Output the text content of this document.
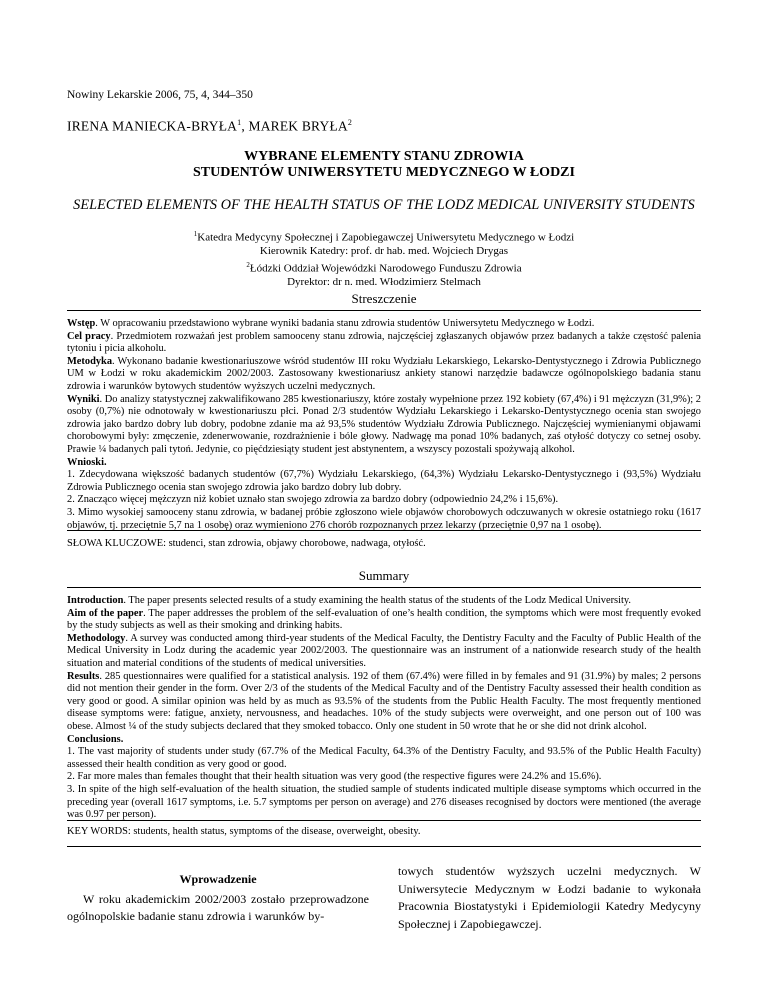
Nowiny Lekarskie 2006, 75, 4, 344–350
IRENA MANIECKA-BRYŁA$^1$, MAREK BRYŁA$^2$
WYBRANE ELEMENTY STANU ZDROWIA
STUDENTÓW UNIWERSYTETU MEDYCZNEGO W ŁODZI
SELECTED ELEMENTS OF THE HEALTH STATUS OF THE LODZ MEDICAL UNIVERSITY STUDENTS
$^1$Katedra Medycyny Społecznej i Zapobiegawczej Uniwersytetu Medycznego w Łodzi
Kierownik Katedry: prof. dr hab. med. Wojciech Drygas
$^2$Łódzki Oddział Wojewódzki Narodowego Funduszu Zdrowia
Dyrektor: dr n. med. Włodzimierz Stelmach
Streszczenie

Wstęp. W opracowaniu przedstawiono wybrane wyniki badania stanu zdrowia studentów Uniwersytetu Medycznego w Łodzi.

Cel pracy. Przedmiotem rozważań jest problem samooceny stanu zdrowia, najczęściej zgłaszanych objawów przez badanych a także częstość palenia tytoniu i picia alkoholu.

Metodyka. Wykonano badanie kwestionariuszowe wśród studentów III roku Wydziału Lekarskiego, Lekarsko-Dentystycznego i Zdrowia Publicznego UM w Łodzi w roku akademickim 2002/2003. Zastosowany kwestionariusz ankiety stanowi narzędzie badawcze ogólnopolskiego badania stanu zdrowia i warunków bytowych studentów wyższych uczelni medycznych.

Wyniki. Do analizy statystycznej zakwalifikowano 285 kwestionariuszy, które zostały wypełnione przez 192 kobiety (67,4%) i 91 mężczyzn (31,9%); 2 osoby (0,7%) nie odnotowały w kwestionariuszu płci. Ponad 2/3 studentów Wydziału Lekarskiego i Lekarsko-Dentystycznego ocenia stan swojego zdrowia jako bardzo dobry lub dobry, podobne zdanie ma aż 93,5% studentów Wydziału Zdrowia Publicznego. Najczęściej wymienianymi objawami chorobowymi były: zmęczenie, zdenerwowanie, rozdrażnienie i bóle głowy. Nadwagę ma ponad 10% badanych, zaś otyłość dotyczy co setnej osoby. Prawie ¼ badanych pali tytoń. Jedynie, co pięćdziesiąty student jest abstynentem, a wszyscy pozostali spożywają alkohol.

Wnioski.

1. Zdecydowana większość badanych studentów (67,7%) Wydziału Lekarskiego, (64,3%) Wydziału Lekarsko-Dentystycznego i (93,5%) Wydziału Zdrowia Publicznego ocenia stan swojego zdrowia jako bardzo dobry lub dobry.

2. Znacząco więcej mężczyzn niż kobiet uznało stan swojego zdrowia za bardzo dobry (odpowiednio 24,2% i 15,6%).

3. Mimo wysokiej samooceny stanu zdrowia, w badanej próbie zgłoszono wiele objawów chorobowych odczuwanych w okresie ostatniego roku (1617 objawów, tj. przeciętnie 5,7 na 1 osobę) oraz wymieniono 276 chorób rozpoznanych przez lekarzy (przeciętnie 0,97 na 1 osobę).

SŁOWA KLUCZOWE: studenci, stan zdrowia, objawy chorobowe, nadwaga, otyłość.
Summary

Introduction. The paper presents selected results of a study examining the health status of the students of the Lodz Medical University.

Aim of the paper. The paper addresses the problem of the self-evaluation of one’s health condition, the symptoms which were most frequently evoked by the study subjects as well as their smoking and drinking habits.

Methodology. A survey was conducted among third-year students of the Medical Faculty, the Dentistry Faculty and the Faculty of Public Health of the Medical University in Lodz during the academic year 2002/2003. The questionnaire was an instrument of a nationwide research study of the health situation and material conditions of the students of medical universities.

Results. 285 questionnaires were qualified for a statistical analysis. 192 of them (67.4%) were filled in by females and 91 (31.9%) by males; 2 persons did not mention their gender in the form. Over 2/3 of the students of the Medical Faculty and of the Dentistry Faculty assessed their health condition as very good or good. A similar opinion was held by as much as 93.5% of the students from the Public Health Faculty. The most frequently mentioned disease symptoms were: fatigue, anxiety, nervousness, and headaches. 10% of the study subjects were overweight, and one person out of 100 was obese. Almost ¼ of the study subjects declared that they smoked tobacco. Only one student in 50 wrote that he or she did not drink alcohol.

Conclusions.

1. The vast majority of students under study (67.7% of the Medical Faculty, 64.3% of the Dentistry Faculty, and 93.5% of the Public Health Faculty) assessed their health condition as very good or good.

2. Far more males than females thought that their health situation was very good (the respective figures were 24.2% and 15.6%).

3. In spite of the high self-evaluation of the health situation, the studied sample of students indicated multiple disease symptoms which occurred in the preceding year (overall 1617 symptoms, i.e. 5.7 symptoms per person on average) and 276 diseases recognised by doctors were mentioned (the average was 0.97 per person).

KEY WORDS: students, health status, symptoms of the disease, overweight, obesity.
Wprowadzenie

W roku akademickim 2002/2003 zostało przeprowadzone ogólnopolskie badanie stanu zdrowia i warunków by-

towych studentów wyższych uczelni medycznych. W Uniwersytecie Medycznym w Łodzi badanie to wykonała Pracownia Biostatystyki i Epidemiologii Katedry Medycyny Społecznej i Zapobiegawczej.
